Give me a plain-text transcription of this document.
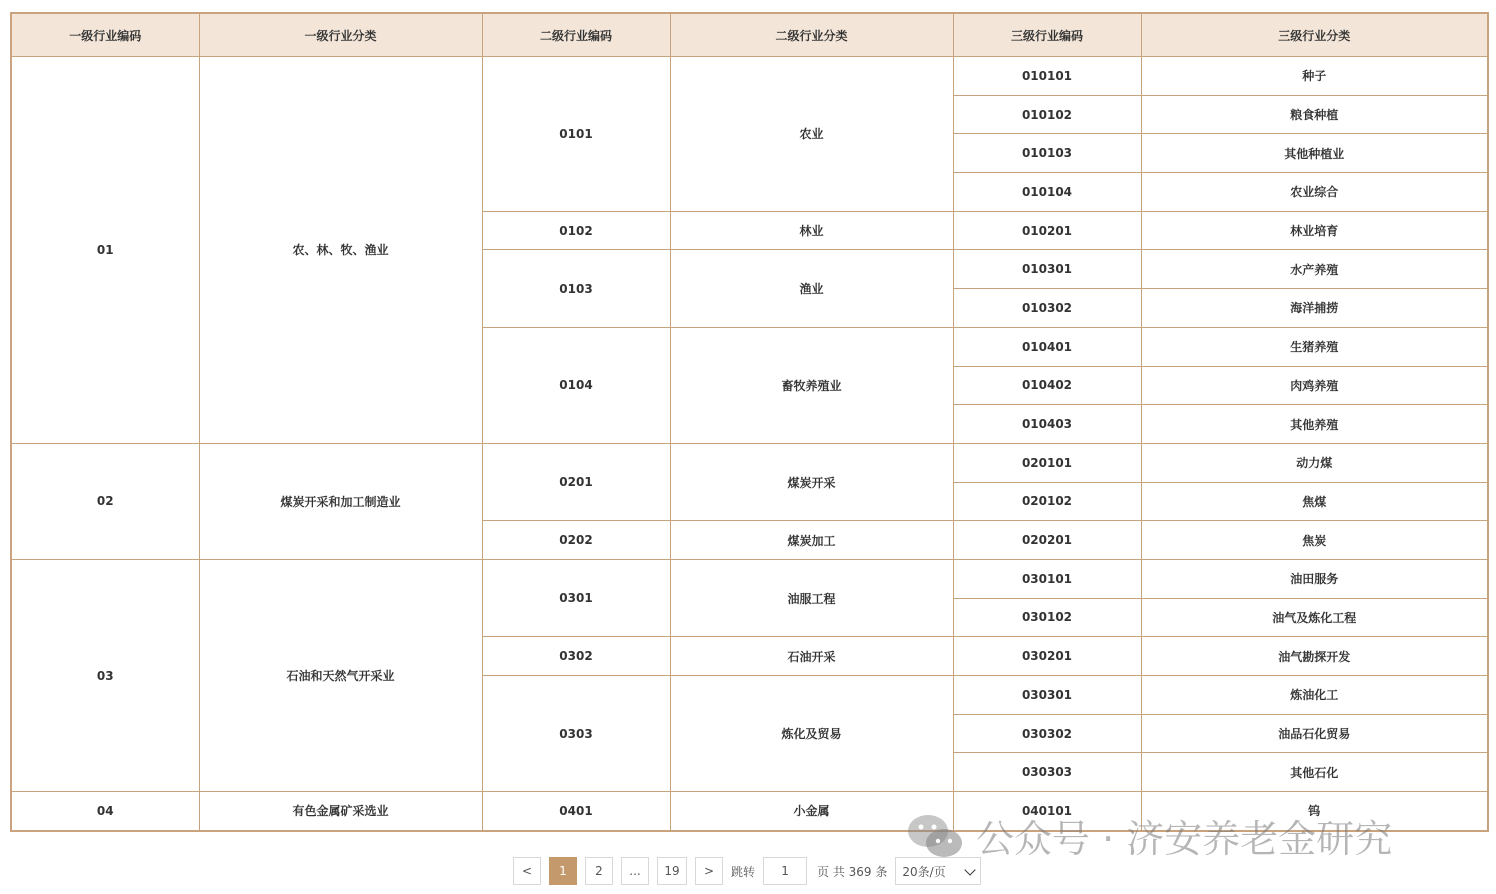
一级行业编码	一级行业分类	二级行业编码	二级行业分类	三级行业编码	三级行业分类
01	农、林、牧、渔业	0101	农业	010101	种子
				010102	粮食种植
				010103	其他种植业
				010104	农业综合
		0102	林业	010201	林业培育
		0103	渔业	010301	水产养殖
				010302	海洋捕捞
		0104	畜牧养殖业	010401	生猪养殖
				010402	肉鸡养殖
				010403	其他养殖
02	煤炭开采和加工制造业	0201	煤炭开采	020101	动力煤
				020102	焦煤
		0202	煤炭加工	020201	焦炭
03	石油和天然气开采业	0301	油服工程	030101	油田服务
				030102	油气及炼化工程
		0302	石油开采	030201	油气勘探开发
		0303	炼化及贸易	030301	炼油化工
				030302	油品石化贸易
				030303	其他石化
04	有色金属矿采选业	0401	小金属	040101	钨
<	1	2	...	19	>	跳转	1	页 共 369 条 20条/页
公众号 · 济安养老金研究
